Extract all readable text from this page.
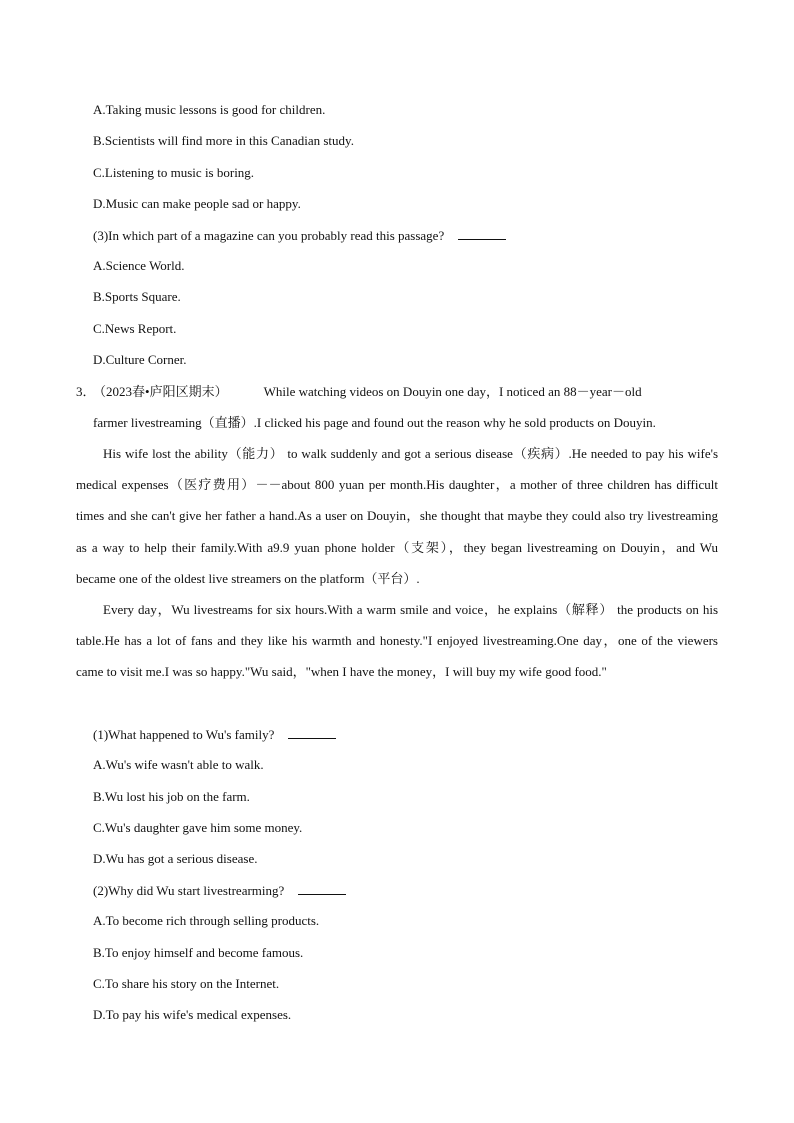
A.Taking music lessons is good for children.
B.Scientists will find more in this Canadian study.
C.Listening to music is boring.
D.Music can make people sad or happy.
(3)In which part of a magazine can you probably read this passage?
A.Science World.
B.Sports Square.
C.News Report.
D.Culture Corner.
3． （2023春•庐阳区期末）	While watching videos on Douyin one day，I noticed an 88－year－old
farmer livestreaming（直播）.I clicked his page and found out the reason why he sold products on Douyin.

His wife lost the ability（能力） to walk suddenly and got a serious disease（疾病）.He needed to pay his wife's medical expenses（医疗费用）－－about 800 yuan per month.His daughter，a mother of three children has difficult times and she can't give her father a hand.As a user on Douyin，she thought that maybe they could also try livestreaming as a way to help their family.With a9.9 yuan phone holder（支架），they began livestreaming on Douyin，and Wu became one of the oldest live streamers on the platform（平台）.

Every day，Wu livestreams for six hours.With a warm smile and voice，he explains（解释） the products on his table.He has a lot of fans and they like his warmth and honesty."I enjoyed livestreaming.One day，one of the viewers came to visit me.I was so happy."Wu said，"when I have the money，I will buy my wife good food."

(1)What happened to Wu's family?
A.Wu's wife wasn't able to walk.
B.Wu lost his job on the farm.
C.Wu's daughter gave him some money.
D.Wu has got a serious disease.
(2)Why did Wu start livestrearming?
A.To become rich through selling products.
B.To enjoy himself and become famous.
C.To share his story on the Internet.
D.To pay his wife's medical expenses.
